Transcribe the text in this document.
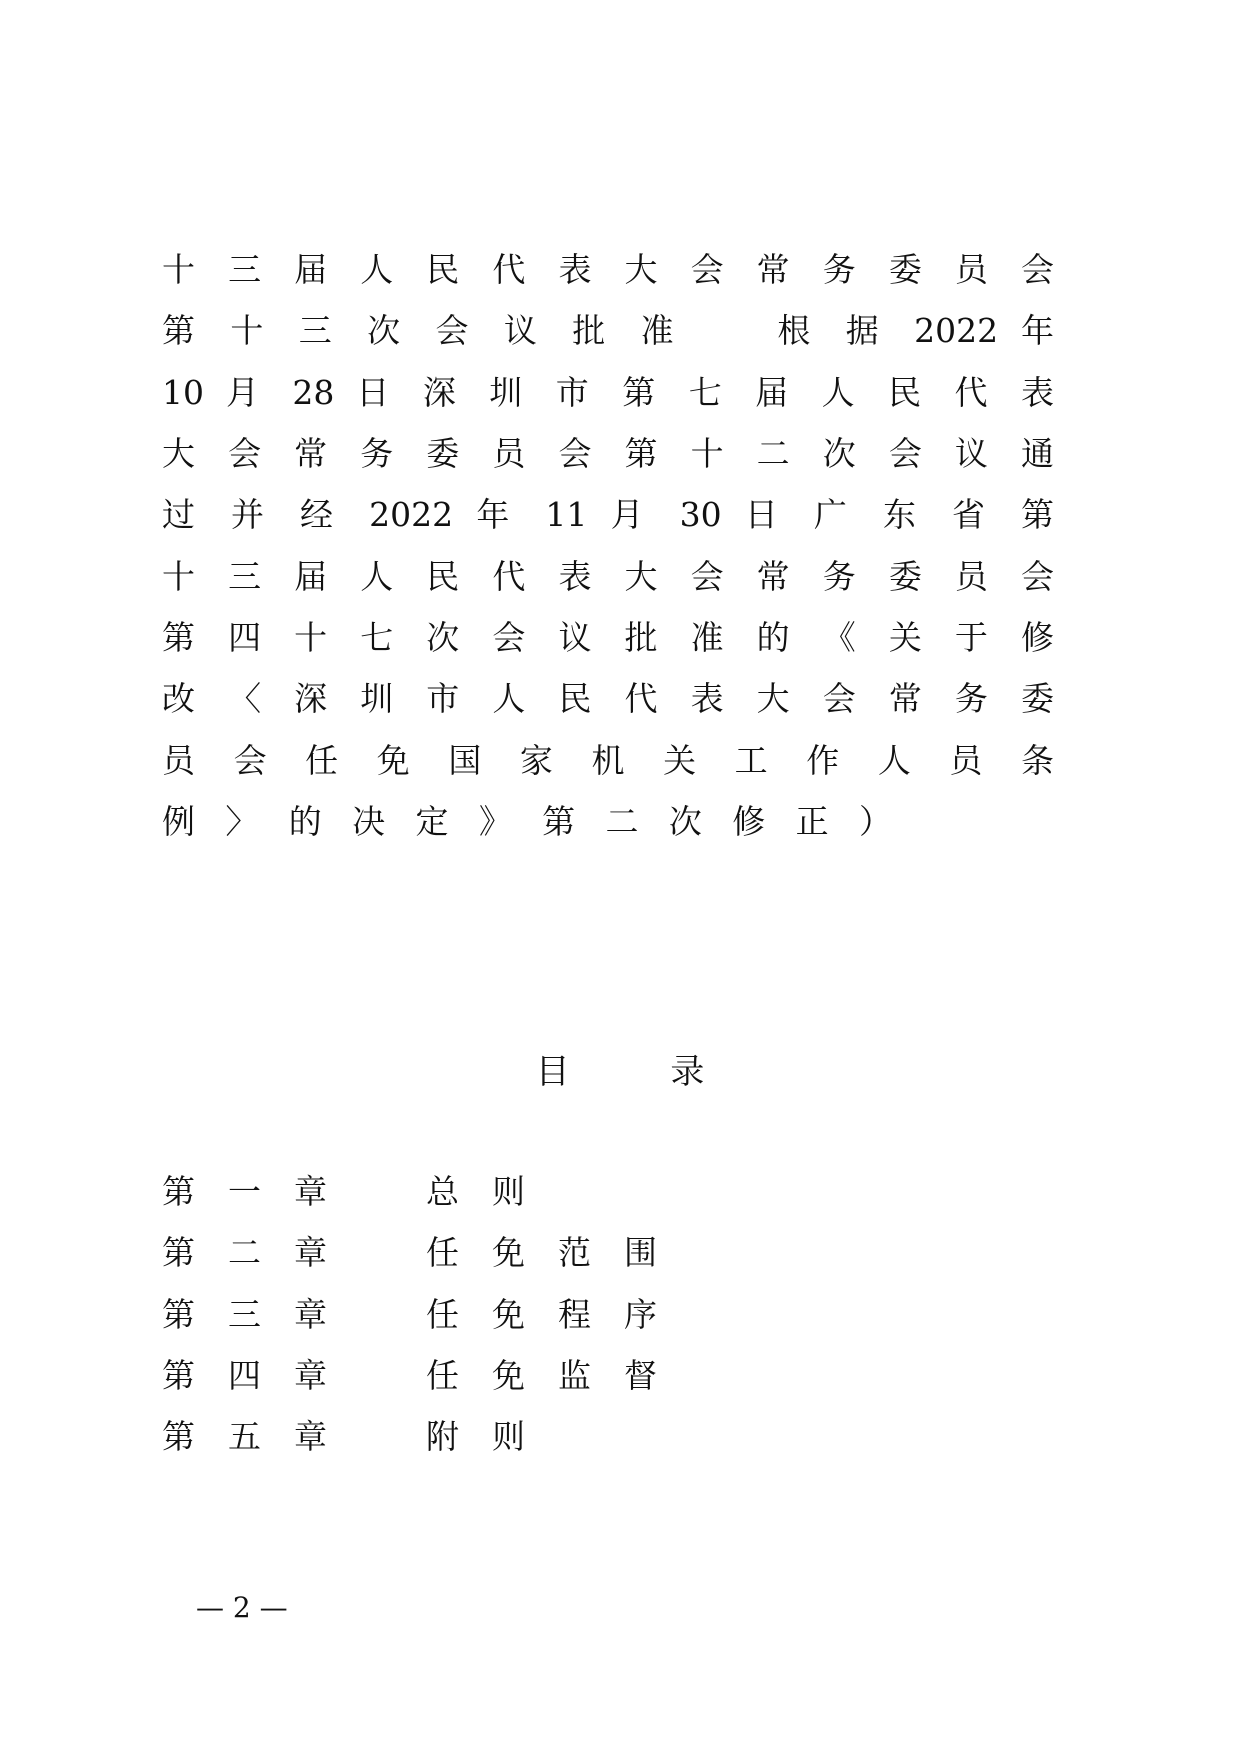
十 三 届 人 民 代 表 大 会 常 务 委 员 会
第 十 三 次 会 议 批 准 　 根 据 2022 年
10 月 28 日 深 圳 市 第 七 届 人 民 代 表
大 会 常 务 委 员 会 第 十 二 次 会 议 通
过 并 经 2022 年 11 月 30 日 广 东 省 第
十 三 届 人 民 代 表 大 会 常 务 委 员 会
第 四 十 七 次 会 议 批 准 的 《 关 于 修
改 〈 深 圳 市 人 民 代 表 大 会 常 务 委
员 会 任 免 国 家 机 关 工 作 人 员 条
例 〉 的 决 定 》 第 二 次 修 正 ）
目 录
第一章 总则
第二章 任免范围
第三章 任免程序
第四章 任免监督
第五章 附则
— 2 —
